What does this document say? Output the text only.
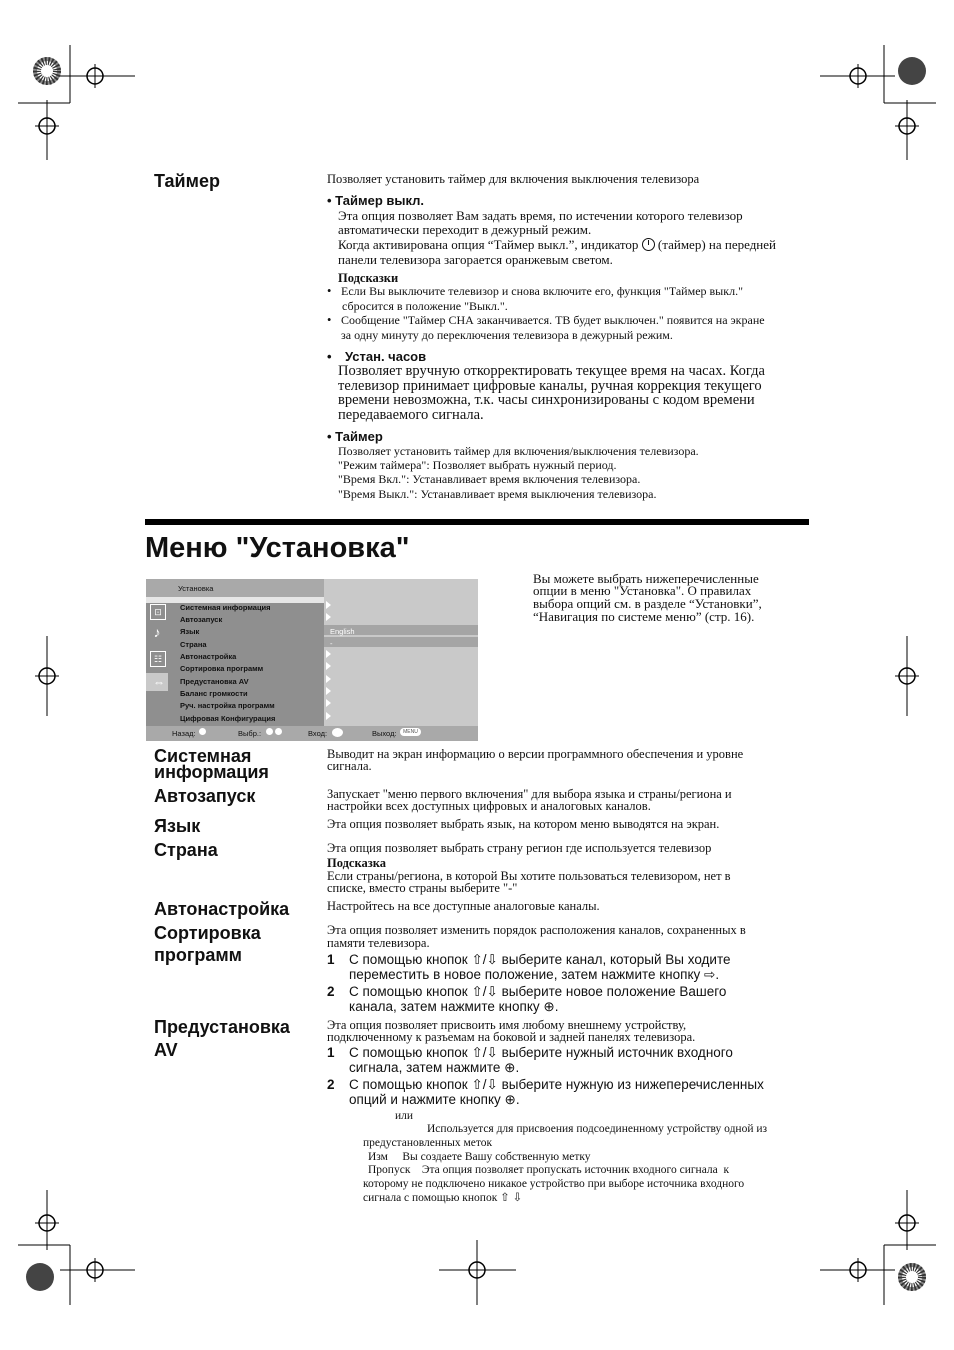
Таймер	Позволяет установить таймер для включения выключения телевизора
• Таймер выкл.
Эта опция позволяет Вам задать время, по истечении которого телевизор
автоматически переходит в дежурный режим.
Когда активирована опция “Таймер выкл.”, индикатор (таймер) на передней
панели телевизора загорается оранжевым светом.
Подсказки
• Если Вы выключите телевизор и снова включите его, функция "Таймер выкл."
сбросится в положение "Выкл.".
• Сообщение "Таймер СНА заканчивается. ТВ будет выключен." появится на экране
за одну минуту до переключения телевизора в дежурный режим.
• Устан. часов
Позволяет вручную откорректировать текущее время на часах. Когда
телевизор принимает цифровые каналы, ручная коррекция текущего
времени невозможна, т.к. часы синхронизированы с кодом времени
передаваемого сигнала.
• Таймер
Позволяет установить таймер для включения/выключения телевизора.
"Режим таймера": Позволяет выбрать нужный период.
"Время Вкл.": Устанавливает время включения телевизора.
"Время Выкл.": Устанавливает время выключения телевизора.
Меню "Установка"
Установка
⊡
♪
☷
⇔
English
-
Системная информация
Автозапуск
Язык
Страна
Автонастройка
Сортировка программ
Предустановка AV
Баланс громкости
Руч. настройка программ
Цифровая Конфигурация
Назад:	Выбр.:	Вход:	Выход:	MENU
Вы можете выбрать нижеперечисленные
опции в меню "Установка". О правилах
выбора опций см. в разделе “Установки”,
“Навигация по системе меню” (стр. 16).
Системная
информация
Выводит на экран информацию о версии программного обеспечения и уровне
сигнала.
Автозапуск	Запускает "меню первого включения" для выбора языка и страны/региона и
настройки всех доступных цифровых и аналоговых каналов.
Язык	Эта опция позволяет выбрать язык, на котором меню выводятся на экран.
Страна	Эта опция позволяет выбрать страну регион где используется телевизор
Подсказка
Если страны/региона, в которой Вы хотите пользоваться телевизором, нет в
списке, вместо страны выберите "-"
Автонастройка	Настройтесь на все доступные аналоговые каналы.
Сортировка
программ
Эта опция позволяет изменить порядок расположения каналов, сохраненных в
памяти телевизора.
1 С помощью кнопок ⇧/⇩ выберите канал, который Вы ходите
переместить в новое положение, затем нажмите кнопку ⇨.
2 С помощью кнопок ⇧/⇩ выберите новое положение Вашего
канала, затем нажмите кнопку ⊕.
Предустановка
AV
Эта опция позволяет присвоить имя любому внешнему устройству,
подключенному к разъемам на боковой и задней панелях телевизора.
1 С помощью кнопок ⇧/⇩ выберите нужный источник входного
сигнала, затем нажмите ⊕.
2 С помощью кнопок ⇧/⇩ выберите нужную из нижеперечисленных
опций и нажмите кнопку ⊕.
или
Используется для присвоения подсоединенному устройству одной из
предустановленных меток
Изм     Вы создаете Вашу собственную метку
Пропуск    Эта опция позволяет пропускать источник входного сигнала  к
которому не подключено никакое устройство при выборе источника входного
сигнала с помощью кнопок ⇧ ⇩
